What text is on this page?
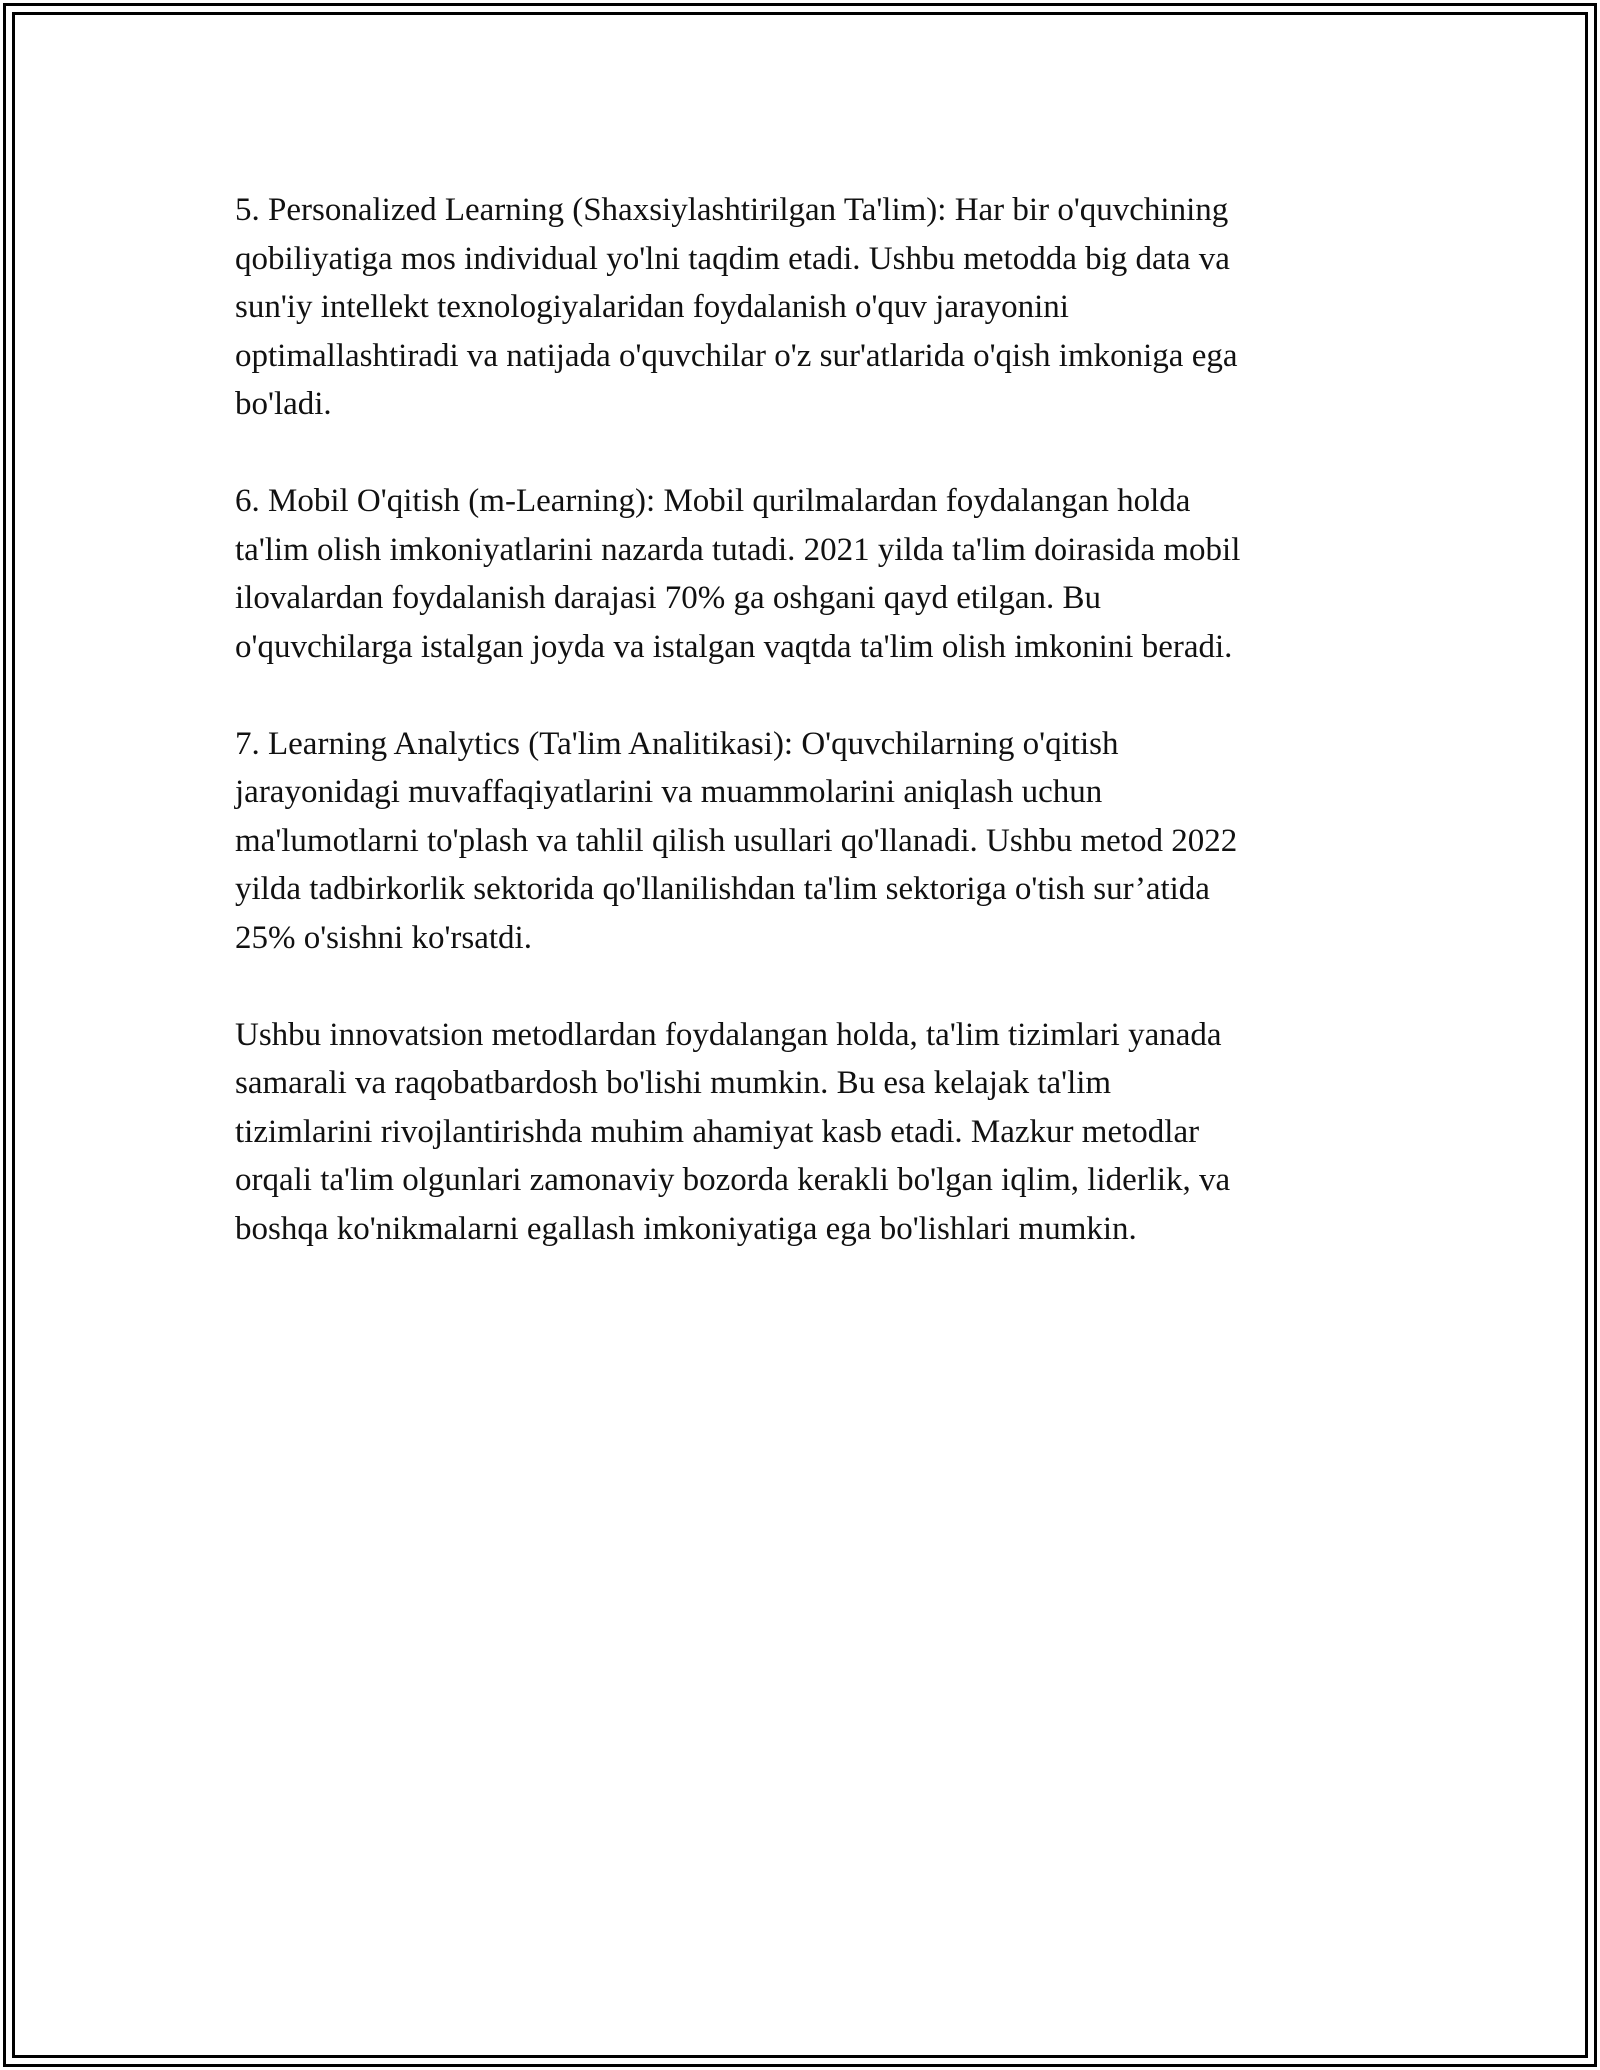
5. Personalized Learning (Shaxsiylashtirilgan Ta'lim): Har bir o'quvchining
qobiliyatiga mos individual yo'lni taqdim etadi. Ushbu metodda big data va
sun'iy intellekt texnologiyalaridan foydalanish o'quv jarayonini
optimallashtiradi va natijada o'quvchilar o'z sur'atlarida o'qish imkoniga ega
bo'ladi.

6. Mobil O'qitish (m-Learning): Mobil qurilmalardan foydalangan holda
ta'lim olish imkoniyatlarini nazarda tutadi. 2021 yilda ta'lim doirasida mobil
ilovalardan foydalanish darajasi 70% ga oshgani qayd etilgan. Bu
o'quvchilarga istalgan joyda va istalgan vaqtda ta'lim olish imkonini beradi.

7. Learning Analytics (Ta'lim Analitikasi): O'quvchilarning o'qitish
jarayonidagi muvaffaqiyatlarini va muammolarini aniqlash uchun
ma'lumotlarni to'plash va tahlil qilish usullari qo'llanadi. Ushbu metod 2022
yilda tadbirkorlik sektorida qo'llanilishdan ta'lim sektoriga o'tish sur’atida
25% o'sishni ko'rsatdi.

Ushbu innovatsion metodlardan foydalangan holda, ta'lim tizimlari yanada
samarali va raqobatbardosh bo'lishi mumkin. Bu esa kelajak ta'lim
tizimlarini rivojlantirishda muhim ahamiyat kasb etadi. Mazkur metodlar
orqali ta'lim olgunlari zamonaviy bozorda kerakli bo'lgan iqlim, liderlik, va
boshqa ko'nikmalarni egallash imkoniyatiga ega bo'lishlari mumkin.
